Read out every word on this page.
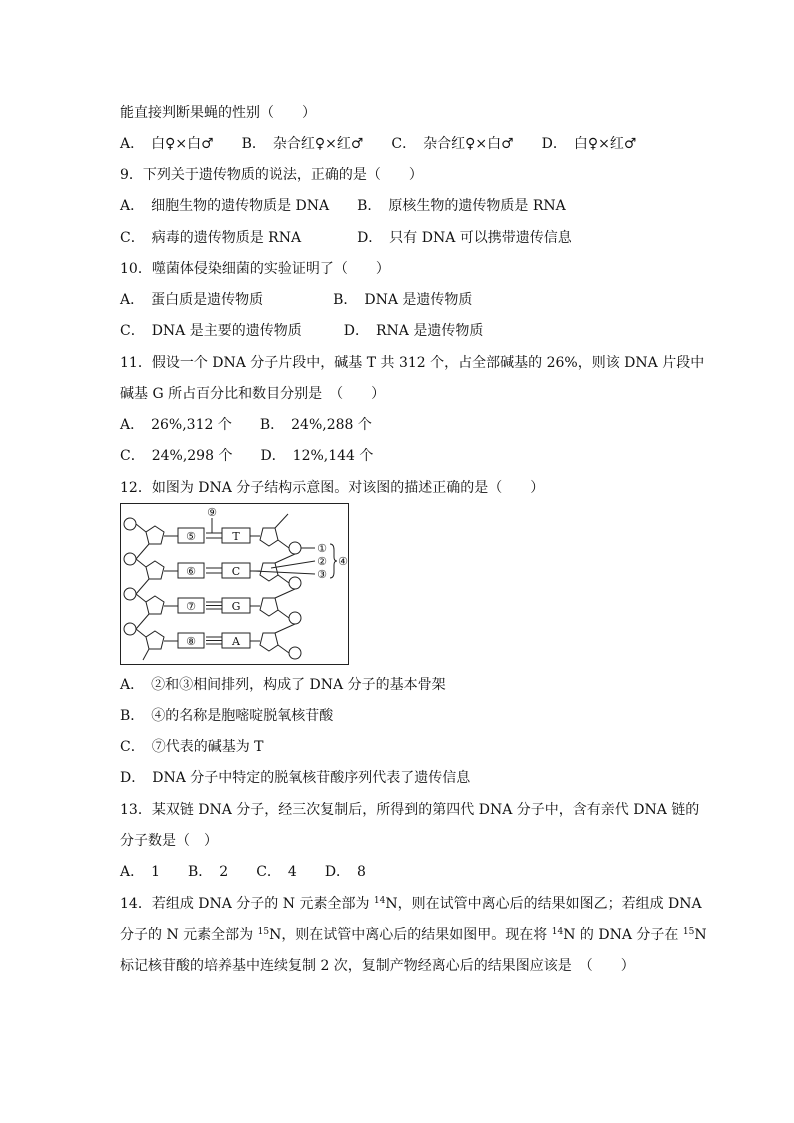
能直接判断果蝇的性别（　　）
A．　白♀×白♂　　B．　杂合红♀×红♂　　C．　杂合红♀×白♂　　D．　白♀×红♂
9．下列关于遗传物质的说法，正确的是（　　）
A．　细胞生物的遗传物质是 DNA　　B．　原核生物的遗传物质是 RNA
C．　病毒的遗传物质是 RNA　　　　D．　只有 DNA 可以携带遗传信息
10．噬菌体侵染细菌的实验证明了（　　）
A．　蛋白质是遗传物质　　　　　B．　DNA 是遗传物质
C．　DNA 是主要的遗传物质　　　D．　RNA 是遗传物质
11．假设一个 DNA 分子片段中，碱基 T 共 312 个，占全部碱基的 26%，则该 DNA 片段中
碱基 G 所占百分比和数目分别是　（　　）
A．　26%,312 个　　B．　24%,288 个
C．　24%,298 个　　D．　12%,144 个
12．如图为 DNA 分子结构示意图。对该图的描述正确的是（　　）
⑤
⑥
⑦
⑧
⑨
T
C
G
A
①
②
③
④
A．　②和③相间排列，构成了 DNA 分子的基本骨架
B．　④的名称是胞嘧啶脱氧核苷酸
C．　⑦代表的碱基为 T
D．　DNA 分子中特定的脱氧核苷酸序列代表了遗传信息
13．某双链 DNA 分子，经三次复制后，所得到的第四代 DNA 分子中，含有亲代 DNA 链的
分子数是（　）
A．　1　　B．　2　　C．　4　　D．　8
14．若组成 DNA 分子的 N 元素全部为 $^{14}$N，则在试管中离心后的结果如图乙；若组成 DNA
分子的 N 元素全部为 $^{15}$N，则在试管中离心后的结果如图甲。现在将 $^{14}$N 的 DNA 分子在 $^{15}$N
标记核苷酸的培养基中连续复制 2 次，复制产物经离心后的结果图应该是　（　　）
